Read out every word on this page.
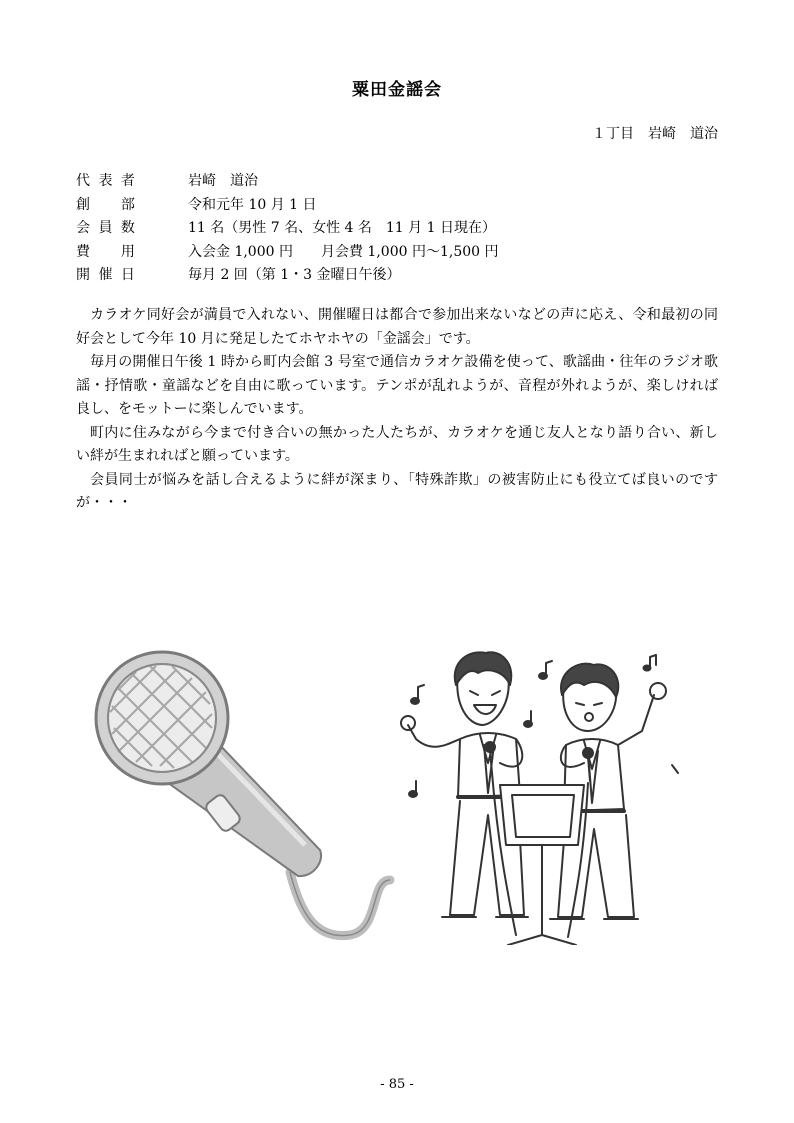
粟田金謡会
１丁目　岩崎　道治
代 表 者	岩崎　道治
創 　 部	令和元年 10 月 1 日
会 員 数	11 名（男性 7 名、女性 4 名　11 月 1 日現在）
費 　 用	入会金 1,000 円　　月会費 1,000 円～1,500 円
開 催 日	毎月 2 回（第 1・3 金曜日午後）

カラオケ同好会が満員で入れない、開催曜日は都合で参加出来ないなどの声に応え、令和最初の同好会として今年 10 月に発足したてホヤホヤの「金謡会」です。

毎月の開催日午後 1 時から町内会館 3 号室で通信カラオケ設備を使って、歌謡曲・往年のラジオ歌謡・抒情歌・童謡などを自由に歌っています。テンポが乱れようが、音程が外れようが、楽しければ良し、をモットーに楽しんでいます。

町内に住みながら今まで付き合いの無かった人たちが、カラオケを通じ友人となり語り合い、新しい絆が生まれればと願っています。

会員同士が悩みを話し合えるように絆が深まり、「特殊詐欺」の被害防止にも役立てば良いのですが・・・

- 85 -
